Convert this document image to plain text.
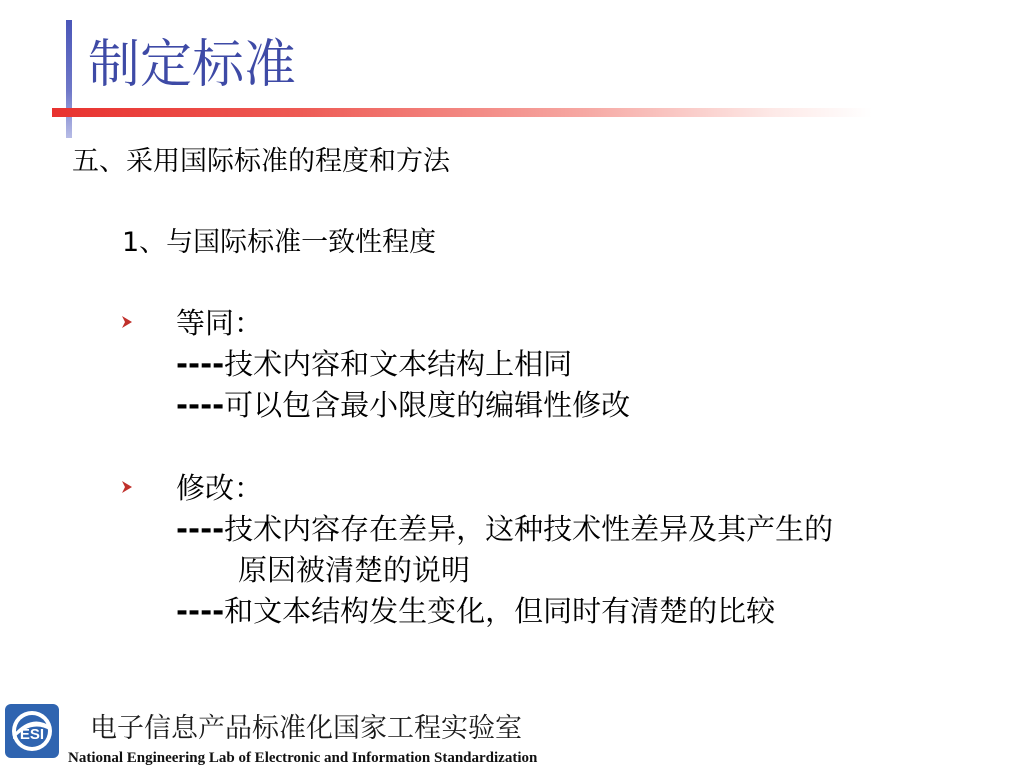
制定标准
五、采用国际标准的程度和方法
1、与国际标准一致性程度
等同：
----技术内容和文本结构上相同
----可以包含最小限度的编辑性修改
修改：
----技术内容存在差异，这种技术性差异及其产生的
原因被清楚的说明
----和文本结构发生变化，但同时有清楚的比较
ESI 电子信息产品标准化国家工程实验室
National Engineering Lab of Electronic and Information Standardization
